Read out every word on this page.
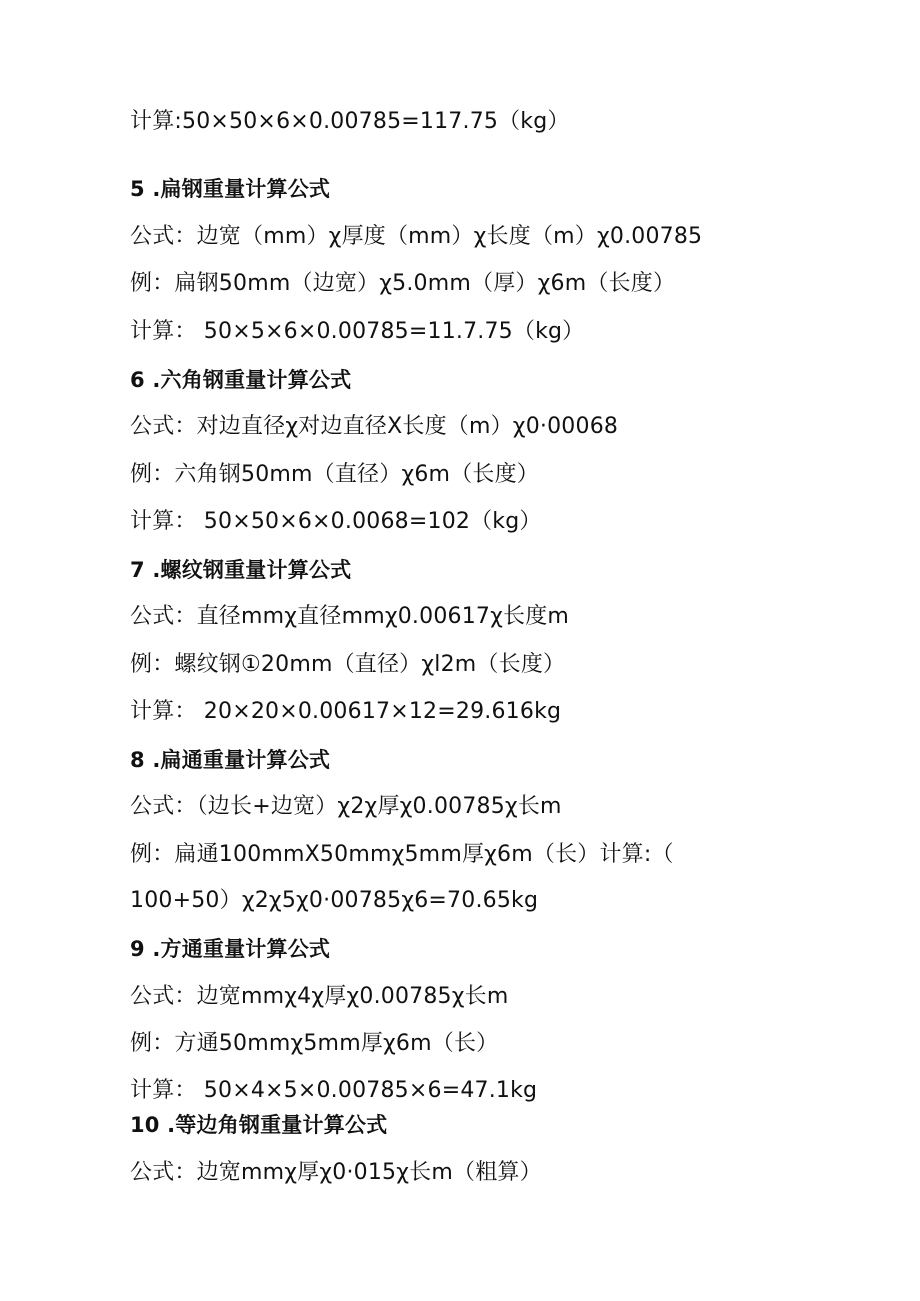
计算:50×50×6×0.00785=117.75（kg）
5 .扁钢重量计算公式
公式：边宽（mm）χ厚度（mm）χ长度（m）χ0.00785
例：扁钢50mm（边宽）χ5.0mm（厚）χ6m（长度）
计算： 50×5×6×0.00785=11.7.75（kg）
6 .六角钢重量计算公式
公式：对边直径χ对边直径X长度（m）χ0·00068
例：六角钢50mm（直径）χ6m（长度）
计算： 50×50×6×0.0068=102（kg）
7 .螺纹钢重量计算公式
公式：直径mmχ直径mmχ0.00617χ长度m
例：螺纹钢①20mm（直径）χl2m（长度）
计算： 20×20×0.00617×12=29.616kg
8 .扁通重量计算公式
公式：（边长+边宽）χ2χ厚χ0.00785χ长m
例：扁通100mmX50mmχ5mm厚χ6m（长）计算:（
100+50）χ2χ5χ0·00785χ6=70.65kg
9 .方通重量计算公式
公式：边宽mmχ4χ厚χ0.00785χ长m
例：方通50mmχ5mm厚χ6m（长）
计算： 50×4×5×0.00785×6=47.1kg
10 .等边角钢重量计算公式
公式：边宽mmχ厚χ0·015χ长m（粗算）
